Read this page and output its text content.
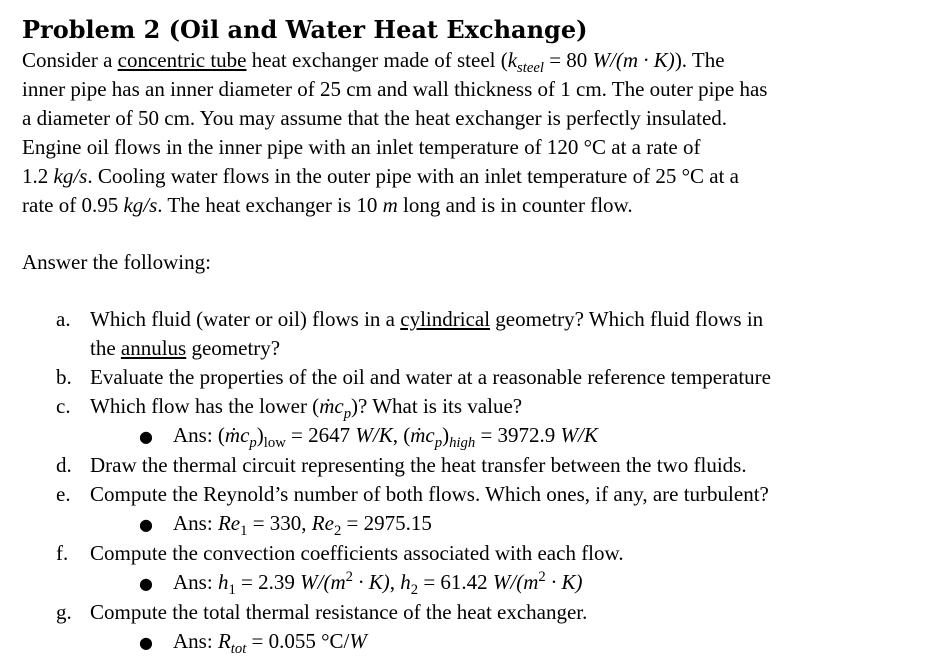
Problem 2 (Oil and Water Heat Exchange)
Consider a concentric tube heat exchanger made of steel ($k_{steel} = 80$ W/(m · K)). The
inner pipe has an inner diameter of 25 cm and wall thickness of 1 cm. The outer pipe has
a diameter of 50 cm. You may assume that the heat exchanger is perfectly insulated.
Engine oil flows in the inner pipe with an inlet temperature of 120 °C at a rate of
1.2 kg/s. Cooling water flows in the outer pipe with an inlet temperature of 25 °C at a
rate of 0.95 kg/s. The heat exchanger is 10 m long and is in counter flow.
Answer the following:
a. Which fluid (water or oil) flows in a cylindrical geometry? Which fluid flows in
the annulus geometry?
b. Evaluate the properties of the oil and water at a reasonable reference temperature
c. Which flow has the lower (ṁc$_p$)? What is its value?
● Ans: $(ṁc_p)_{low} = 2647$ W/K, $(ṁc_p)_{high} = 3972.9$ W/K
d. Draw the thermal circuit representing the heat transfer between the two fluids.
e. Compute the Reynold’s number of both flows. Which ones, if any, are turbulent?
● Ans: $Re_1 = 330$, $Re_2 = 2975.15$
f.	Compute the convection coefficients associated with each flow.
● Ans: $h_1 = 2.39$ $W/(m^2 \cdot K)$, $h_2 = 61.42$ $W/(m^2 \cdot K)$
g. Compute the total thermal resistance of the heat exchanger.
● Ans: $R_{tot} = 0.055$ °C/W
